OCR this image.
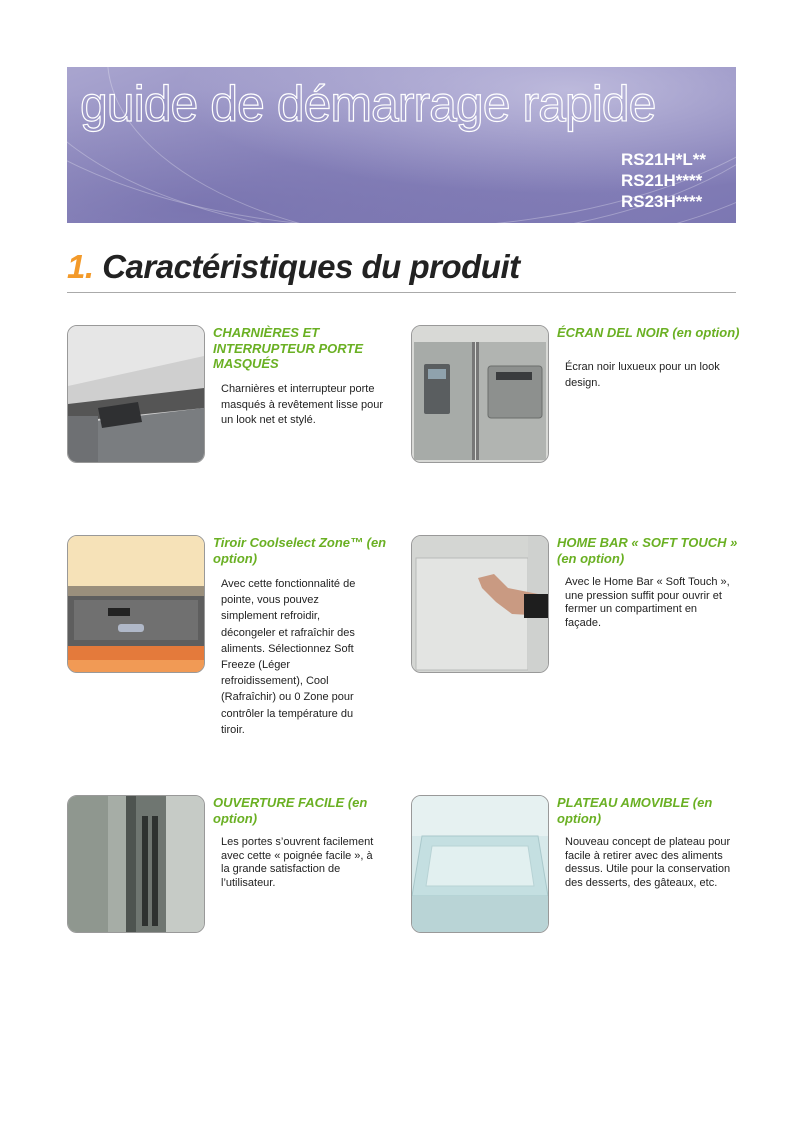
guide de démarrage rapide
RS21H*L**
RS21H****
RS23H****
1. Caractéristiques du produit
CHARNIÈRES ET INTERRUPTEUR PORTE MASQUÉS
Charnières et interrupteur porte masqués à revêtement lisse pour un look net et stylé.
ÉCRAN DEL NOIR (en option)
Écran noir luxueux pour un look design.
Tiroir Coolselect Zone™ (en option)
Avec cette fonctionnalité de pointe, vous pouvez simplement refroidir, décongeler et rafraîchir des aliments. Sélectionnez Soft Freeze (Léger refroidissement), Cool (Rafraîchir) ou 0 Zone pour contrôler la température du tiroir.
HOME BAR « SOFT TOUCH » (en option)
Avec le Home Bar « Soft Touch », une pression suffit pour ouvrir et fermer un compartiment en façade.
OUVERTURE FACILE (en option)
Les portes s’ouvrent facilement avec cette « poignée facile », à la grande satisfaction de l’utilisateur.
PLATEAU AMOVIBLE (en option)
Nouveau concept de plateau pour facile à retirer avec des aliments dessus. Utile pour la conservation des desserts, des gâteaux, etc.
